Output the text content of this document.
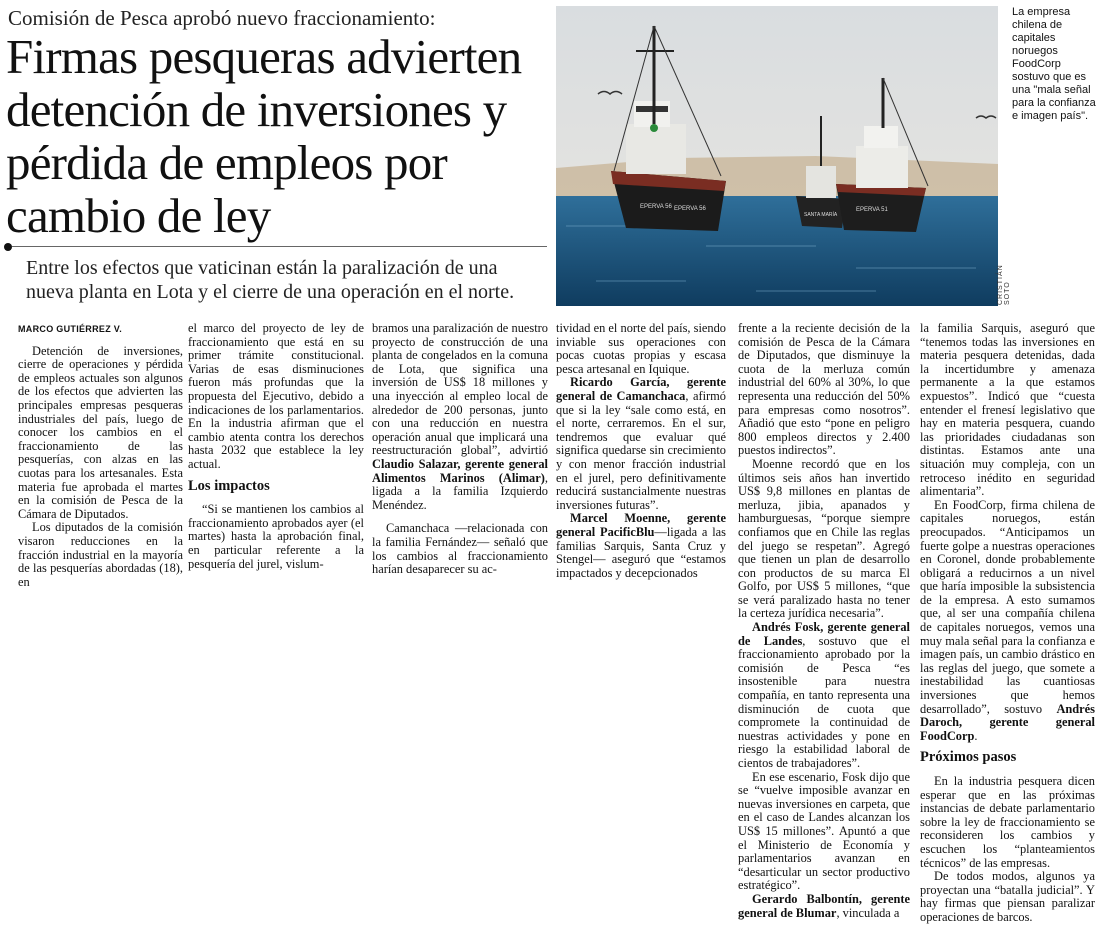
Comisión de Pesca aprobó nuevo fraccionamiento:
Firmas pesqueras advierten detención de inversiones y pérdida de empleos por cambio de ley
Entre los efectos que vaticinan están la paralización de una nueva planta en Lota y el cierre de una operación en el norte.
EPERVA 56 EPERVA 56
SANTA MARÍA
EPERVA 51
CRISTIÁN SOTO
La empresa chilena de capitales noruegos FoodCorp sostuvo que es una "mala señal para la confianza e imagen país".
MARCO GUTIÉRREZ V.

Detención de inversiones, cierre de operaciones y pérdida de empleos actuales son algunos de los efectos que advierten las principales empresas pesqueras industriales del país, luego de conocer los cambios en el fraccionamiento de las pesquerías, con alzas en las cuotas para los artesanales. Esta materia fue aprobada el martes en la comisión de Pesca de la Cámara de Diputados.

Los diputados de la comisión visaron reducciones en la fracción industrial en la mayoría de las pesquerías abordadas (18), en

el marco del proyecto de ley de fraccionamiento que está en su primer trámite constitucional. Varias de esas disminuciones fueron más profundas que la propuesta del Ejecutivo, debido a indicaciones de los parlamentarios. En la industria afirman que el cambio atenta contra los derechos hasta 2032 que establece la ley actual.

Los impactos

“Si se mantienen los cambios al fraccionamiento aprobados ayer (el martes) hasta la aprobación final, en particular referente a la pesquería del jurel, vislum-

bramos una paralización de nuestro proyecto de construcción de una planta de congelados en la comuna de Lota, que significa una inversión de US$ 18 millones y una inyección al empleo local de alrededor de 200 personas, junto con una reducción en nuestra operación anual que implicará una reestructuración global”, advirtió Claudio Salazar, gerente general Alimentos Marinos (Alimar), ligada a la familia Izquierdo Menéndez.

Camanchaca —relacionada con la familia Fernández— señaló que los cambios al fraccionamiento harían desaparecer su ac-

tividad en el norte del país, siendo inviable sus operaciones con pocas cuotas propias y escasa pesca artesanal en Iquique.

Ricardo García, gerente general de Camanchaca, afirmó que si la ley “sale como está, en el norte, cerraremos. En el sur, tendremos que evaluar qué significa quedarse sin crecimiento y con menor fracción industrial en el jurel, pero definitivamente reducirá sustancialmente nuestras inversiones futuras”.

Marcel Moenne, gerente general PacificBlu—ligada a las familias Sarquis, Santa Cruz y Stengel— aseguró que “estamos impactados y decepcionados

frente a la reciente decisión de la comisión de Pesca de la Cámara de Diputados, que disminuye la cuota de la merluza común industrial del 60% al 30%, lo que representa una reducción del 50% para empresas como nosotros”. Añadió que esto “pone en peligro 800 empleos directos y 2.400 puestos indirectos”.

Moenne recordó que en los últimos seis años han invertido US$ 9,8 millones en plantas de merluza, jibia, apanados y hamburguesas, “porque siempre confiamos que en Chile las reglas del juego se respetan”. Agregó que tienen un plan de desarrollo con productos de su marca El Golfo, por US$ 5 millones, “que se verá paralizado hasta no tener la certeza jurídica necesaria”.

Andrés Fosk, gerente general de Landes, sostuvo que el fraccionamiento aprobado por la comisión de Pesca “es insostenible para nuestra compañía, en tanto representa una disminución de cuota que compromete la continuidad de nuestras actividades y pone en riesgo la estabilidad laboral de cientos de trabajadores”.

En ese escenario, Fosk dijo que se “vuelve imposible avanzar en nuevas inversiones en carpeta, que en el caso de Landes alcanzan los US$ 15 millones”. Apuntó a que el Ministerio de Economía y parlamentarios avanzan en “desarticular un sector productivo estratégico”.

Gerardo Balbontín, gerente general de Blumar, vinculada a

la familia Sarquis, aseguró que “tenemos todas las inversiones en materia pesquera detenidas, dada la incertidumbre y amenaza permanente a la que estamos expuestos”. Indicó que “cuesta entender el frenesí legislativo que hay en materia pesquera, cuando las prioridades ciudadanas son distintas. Estamos ante una situación muy compleja, con un retroceso inédito en seguridad alimentaria”.

En FoodCorp, firma chilena de capitales noruegos, están preocupados. “Anticipamos un fuerte golpe a nuestras operaciones en Coronel, donde probablemente obligará a reducirnos a un nivel que haría imposible la subsistencia de la empresa. A esto sumamos que, al ser una compañía chilena de capitales noruegos, vemos una muy mala señal para la confianza e imagen país, un cambio drástico en las reglas del juego, que somete a inestabilidad las cuantiosas inversiones que hemos desarrollado”, sostuvo Andrés Daroch, gerente general FoodCorp.

Próximos pasos

En la industria pesquera dicen esperar que en las próximas instancias de debate parlamentario sobre la ley de fraccionamiento se reconsideren los cambios y escuchen los “planteamientos técnicos” de las empresas.

De todos modos, algunos ya proyectan una “batalla judicial”. Y hay firmas que piensan paralizar operaciones de barcos.
